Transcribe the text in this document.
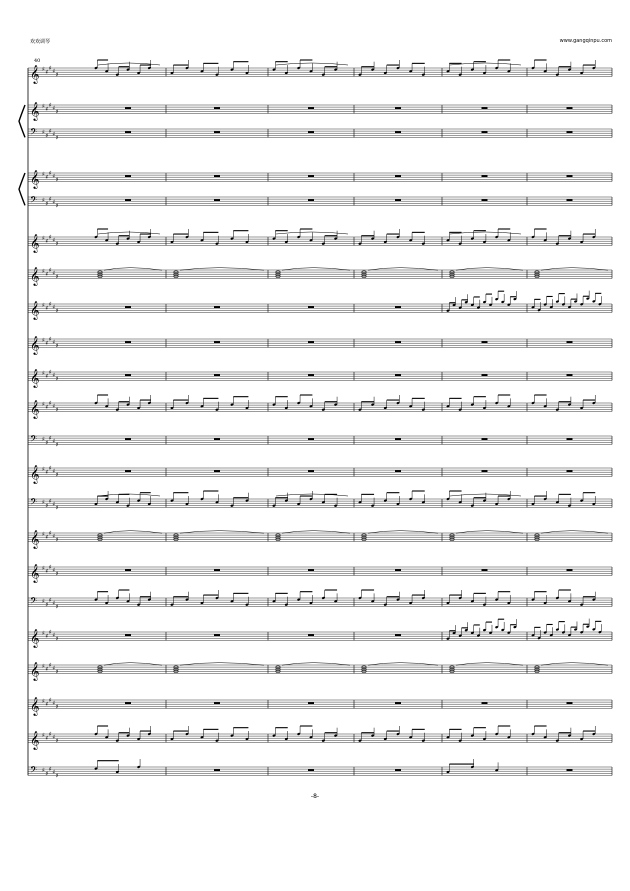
欢欢调琴	www.gangqinpu.com
40
𝄞 ♯ ♯
♯ ♯ ♯
𝄞 ♯ ♯
♯ ♯ ♯
𝄢 ♯ ♯
♯ ♯ ♯
𝄞 ♯ ♯
♯ ♯ ♯
𝄢 ♯ ♯
♯ ♯ ♯
𝄞 ♯ ♯
♯ ♯ ♯
𝄞 ♯ ♯
♯ ♯ ♯
𝄞 ♯ ♯
♯ ♯ ♯
𝄞 ♯ ♯
♯ ♯ ♯
𝄞 ♯ ♯
♯ ♯ ♯
𝄞 ♯ ♯
♯ ♯ ♯
𝄢 ♯ ♯
♯ ♯ ♯
𝄞 ♯ ♯
♯ ♯ ♯
𝄢 ♯ ♯
♯ ♯ ♯
𝄞 ♯ ♯
♯ ♯ ♯
𝄞 ♯ ♯
♯ ♯ ♯
𝄢 ♯ ♯
♯ ♯ ♯
𝄞 ♯ ♯
♯ ♯ ♯
𝄞 ♯ ♯
♯ ♯ ♯
𝄞 ♯ ♯
♯ ♯ ♯
𝄞 ♯ ♯
♯ ♯ ♯
𝄢 ♯ ♯
♯ ♯ ♯
-8-
